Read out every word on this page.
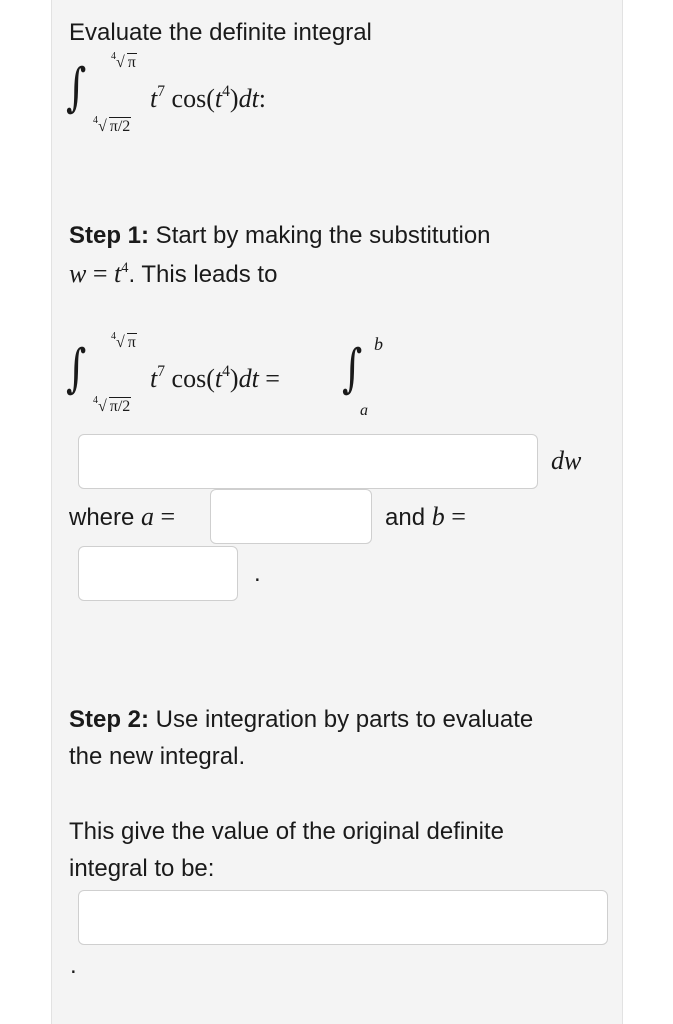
Evaluate the definite integral
∫
4 √ π
4 √ π/2
$t^7$ $\cos(t^4)dt$:
Step 1: Start by making the substitution
$w = t^4$. This leads to
∫
4 √ π
4 √ π/2
$t^7$ $\cos(t^4)dt$ = ∫ b
a
dw
where a =	and b =
.
Step 2: Use integration by parts to evaluate
the new integral.
This give the value of the original definite
integral to be:
.
